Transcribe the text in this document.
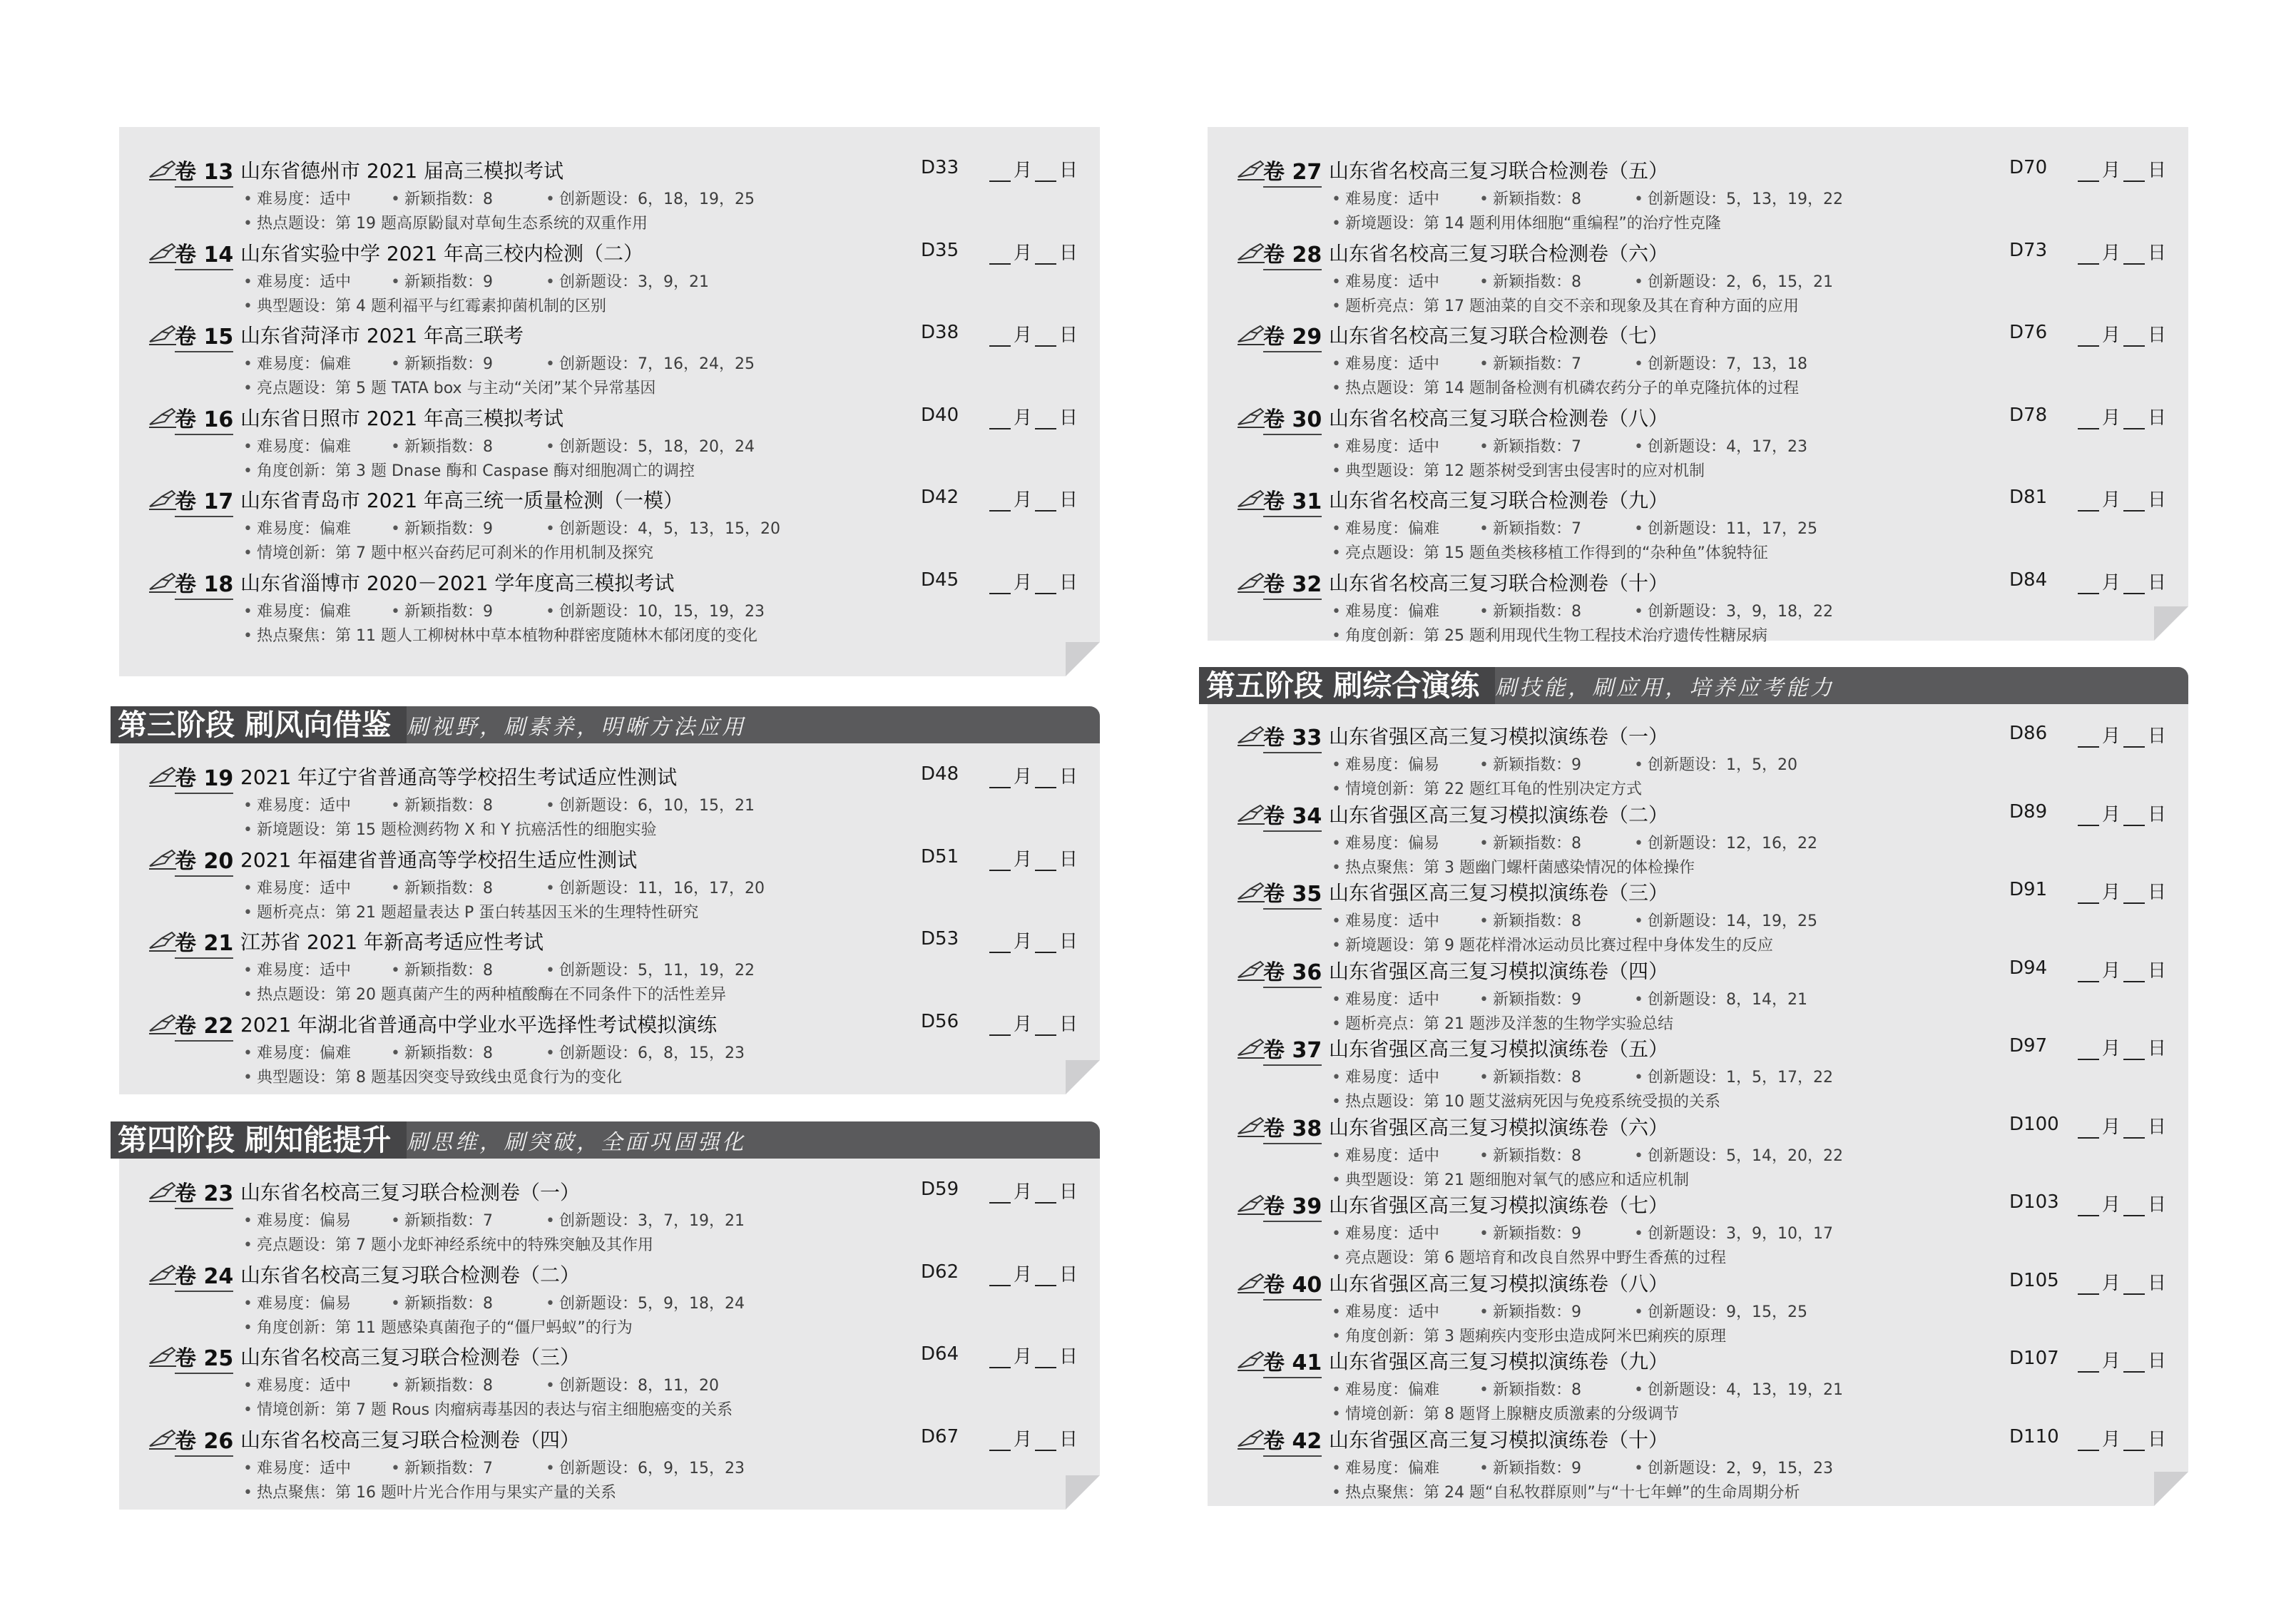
卷 13 山东省德州市 2021 届高三模拟考试	D33	月 日
• 难易度：适中	• 新颖指数：8	• 创新题设：6，18，19，25
• 热点题设：第 19 题高原鼢鼠对草甸生态系统的双重作用
卷 14 山东省实验中学 2021 年高三校内检测（二）	D35	月 日
• 难易度：适中	• 新颖指数：9	• 创新题设：3，9，21
• 典型题设：第 4 题利福平与红霉素抑菌机制的区别
卷 15 山东省菏泽市 2021 年高三联考	D38	月 日
• 难易度：偏难	• 新颖指数：9	• 创新题设：7，16，24，25
• 亮点题设：第 5 题 TATA box 与主动“关闭”某个异常基因
卷 16 山东省日照市 2021 年高三模拟考试	D40	月 日
• 难易度：偏难	• 新颖指数：8	• 创新题设：5，18，20，24
• 角度创新：第 3 题 Dnase 酶和 Caspase 酶对细胞凋亡的调控
卷 17 山东省青岛市 2021 年高三统一质量检测（一模）	D42	月 日
• 难易度：偏难	• 新颖指数：9	• 创新题设：4，5，13，15，20
• 情境创新：第 7 题中枢兴奋药尼可刹米的作用机制及探究
卷 18 山东省淄博市 2020－2021 学年度高三模拟考试	D45	月 日
• 难易度：偏难	• 新颖指数：9	• 创新题设：10，15，19，23
• 热点聚焦：第 11 题人工柳树林中草本植物种群密度随林木郁闭度的变化
第三阶段 刷风向借鉴 刷视野，刷素养，明晰方法应用
卷 19 2021 年辽宁省普通高等学校招生考试适应性测试	D48	月 日
• 难易度：适中	• 新颖指数：8	• 创新题设：6，10，15，21
• 新境题设：第 15 题检测药物 X 和 Y 抗癌活性的细胞实验
卷 20 2021 年福建省普通高等学校招生适应性测试	D51	月 日
• 难易度：适中	• 新颖指数：8	• 创新题设：11，16，17，20
• 题析亮点：第 21 题超量表达 P 蛋白转基因玉米的生理特性研究
卷 21 江苏省 2021 年新高考适应性考试	D53	月 日
• 难易度：适中	• 新颖指数：8	• 创新题设：5，11，19，22
• 热点题设：第 20 题真菌产生的两种植酸酶在不同条件下的活性差异
卷 22 2021 年湖北省普通高中学业水平选择性考试模拟演练	D56	月 日
• 难易度：偏难	• 新颖指数：8	• 创新题设：6，8，15，23
• 典型题设：第 8 题基因突变导致线虫觅食行为的变化
第四阶段 刷知能提升 刷思维，刷突破，全面巩固强化
卷 23 山东省名校高三复习联合检测卷（一）	D59	月 日
• 难易度：偏易	• 新颖指数：7	• 创新题设：3，7，19，21
• 亮点题设：第 7 题小龙虾神经系统中的特殊突触及其作用
卷 24 山东省名校高三复习联合检测卷（二）	D62	月 日
• 难易度：偏易	• 新颖指数：8	• 创新题设：5，9，18，24
• 角度创新：第 11 题感染真菌孢子的“僵尸蚂蚁”的行为
卷 25 山东省名校高三复习联合检测卷（三）	D64	月 日
• 难易度：适中	• 新颖指数：8	• 创新题设：8，11，20
• 情境创新：第 7 题 Rous 肉瘤病毒基因的表达与宿主细胞癌变的关系
卷 26 山东省名校高三复习联合检测卷（四）	D67	月 日
• 难易度：适中	• 新颖指数：7	• 创新题设：6，9，15，23
• 热点聚焦：第 16 题叶片光合作用与果实产量的关系
卷 27 山东省名校高三复习联合检测卷（五）	D70	月 日
• 难易度：适中	• 新颖指数：8	• 创新题设：5，13，19，22
• 新境题设：第 14 题利用体细胞“重编程”的治疗性克隆
卷 28 山东省名校高三复习联合检测卷（六）	D73	月 日
• 难易度：适中	• 新颖指数：8	• 创新题设：2，6，15，21
• 题析亮点：第 17 题油菜的自交不亲和现象及其在育种方面的应用
卷 29 山东省名校高三复习联合检测卷（七）	D76	月 日
• 难易度：适中	• 新颖指数：7	• 创新题设：7，13，18
• 热点题设：第 14 题制备检测有机磷农药分子的单克隆抗体的过程
卷 30 山东省名校高三复习联合检测卷（八）	D78	月 日
• 难易度：适中	• 新颖指数：7	• 创新题设：4，17，23
• 典型题设：第 12 题茶树受到害虫侵害时的应对机制
卷 31 山东省名校高三复习联合检测卷（九）	D81	月 日
• 难易度：偏难	• 新颖指数：7	• 创新题设：11，17，25
• 亮点题设：第 15 题鱼类核移植工作得到的“杂种鱼”体貌特征
卷 32 山东省名校高三复习联合检测卷（十）	D84	月 日
• 难易度：偏难	• 新颖指数：8	• 创新题设：3，9，18，22
• 角度创新：第 25 题利用现代生物工程技术治疗遗传性糖尿病
第五阶段 刷综合演练 刷技能，刷应用，培养应考能力
卷 33 山东省强区高三复习模拟演练卷（一）	D86	月 日
• 难易度：偏易	• 新颖指数：9	• 创新题设：1，5，20
• 情境创新：第 22 题红耳龟的性别决定方式
卷 34 山东省强区高三复习模拟演练卷（二）	D89	月 日
• 难易度：偏易	• 新颖指数：8	• 创新题设：12，16，22
• 热点聚焦：第 3 题幽门螺杆菌感染情况的体检操作
卷 35 山东省强区高三复习模拟演练卷（三）	D91	月 日
• 难易度：适中	• 新颖指数：8	• 创新题设：14，19，25
• 新境题设：第 9 题花样滑冰运动员比赛过程中身体发生的反应
卷 36 山东省强区高三复习模拟演练卷（四）	D94	月 日
• 难易度：适中	• 新颖指数：9	• 创新题设：8，14，21
• 题析亮点：第 21 题涉及洋葱的生物学实验总结
卷 37 山东省强区高三复习模拟演练卷（五）	D97	月 日
• 难易度：适中	• 新颖指数：8	• 创新题设：1，5，17，22
• 热点题设：第 10 题艾滋病死因与免疫系统受损的关系
卷 38 山东省强区高三复习模拟演练卷（六）	D100	月 日
• 难易度：适中	• 新颖指数：8	• 创新题设：5，14，20，22
• 典型题设：第 21 题细胞对氧气的感应和适应机制
卷 39 山东省强区高三复习模拟演练卷（七）	D103	月 日
• 难易度：适中	• 新颖指数：9	• 创新题设：3，9，10，17
• 亮点题设：第 6 题培育和改良自然界中野生香蕉的过程
卷 40 山东省强区高三复习模拟演练卷（八）	D105	月 日
• 难易度：适中	• 新颖指数：9	• 创新题设：9，15，25
• 角度创新：第 3 题痢疾内变形虫造成阿米巴痢疾的原理
卷 41 山东省强区高三复习模拟演练卷（九）	D107	月 日
• 难易度：偏难	• 新颖指数：8	• 创新题设：4，13，19，21
• 情境创新：第 8 题肾上腺糖皮质激素的分级调节
卷 42 山东省强区高三复习模拟演练卷（十）	D110	月 日
• 难易度：偏难	• 新颖指数：9	• 创新题设：2，9，15，23
• 热点聚焦：第 24 题“自私牧群原则”与“十七年蝉”的生命周期分析
